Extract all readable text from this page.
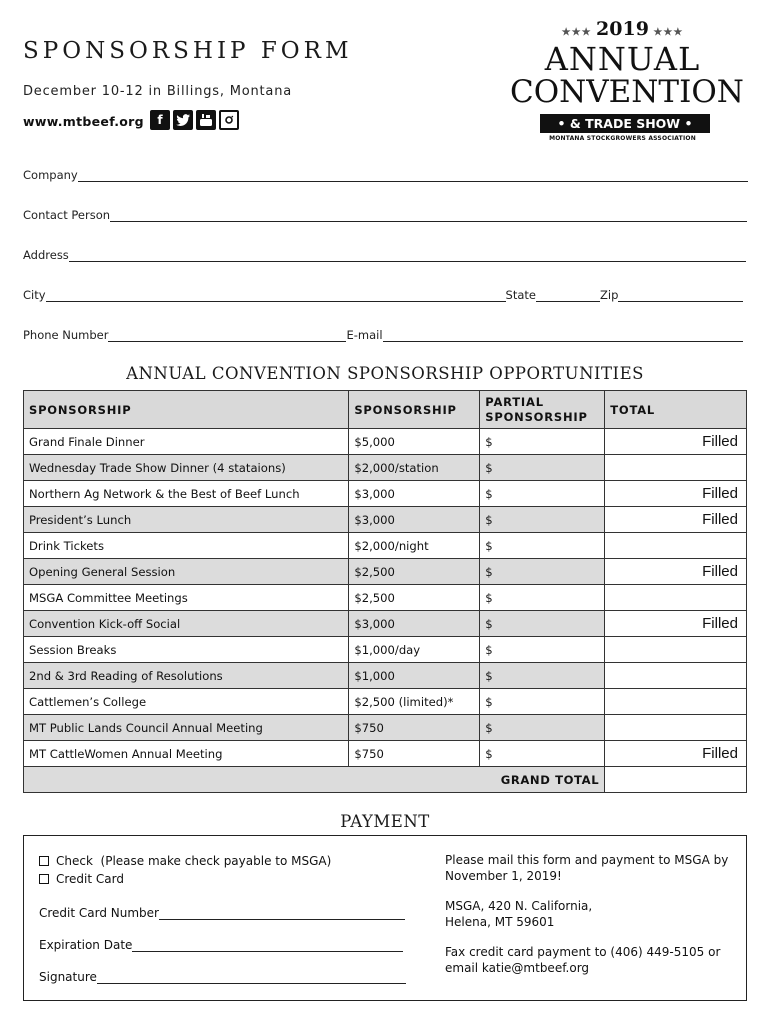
SPONSORSHIP FORM
December 10-12 in Billings, Montana
www.mtbeef.org	f
★★★ 2019 ★★★
ANNUAL
CONVENTION
• & TRADE SHOW •
MONTANA STOCKGROWERS ASSOCIATION
Company
Contact Person
Address
City	State	Zip
Phone Number	E-mail
ANNUAL CONVENTION SPONSORSHIP OPPORTUNITIES
SPONSORSHIP	SPONSORSHIP	PARTIAL SPONSORSHIP	TOTAL
Grand Finale Dinner	$5,000	$	Filled
Wednesday Trade Show Dinner (4 stataions)	$2,000/station	$	
Northern Ag Network & the Best of Beef Lunch	$3,000	$	Filled
President’s Lunch	$3,000	$	Filled
Drink Tickets	$2,000/night	$	
Opening General Session	$2,500	$	Filled
MSGA Committee Meetings	$2,500	$	
Convention Kick-off Social	$3,000	$	Filled
Session Breaks	$1,000/day	$	
2nd & 3rd Reading of Resolutions	$1,000	$	
Cattlemen’s College	$2,500 (limited)*	$	
MT Public Lands Council Annual Meeting	$750	$	
MT CattleWomen Annual Meeting	$750	$	Filled
GRAND TOTAL			
PAYMENT
Check  (Please make check payable to MSGA)
Credit Card
Credit Card Number
Expiration Date
Signature

Please mail this form and payment to MSGA by November 1, 2019!

MSGA, 420 N. California,
Helena, MT 59601

Fax credit card payment to (406) 449-5105 or email katie@mtbeef.org
